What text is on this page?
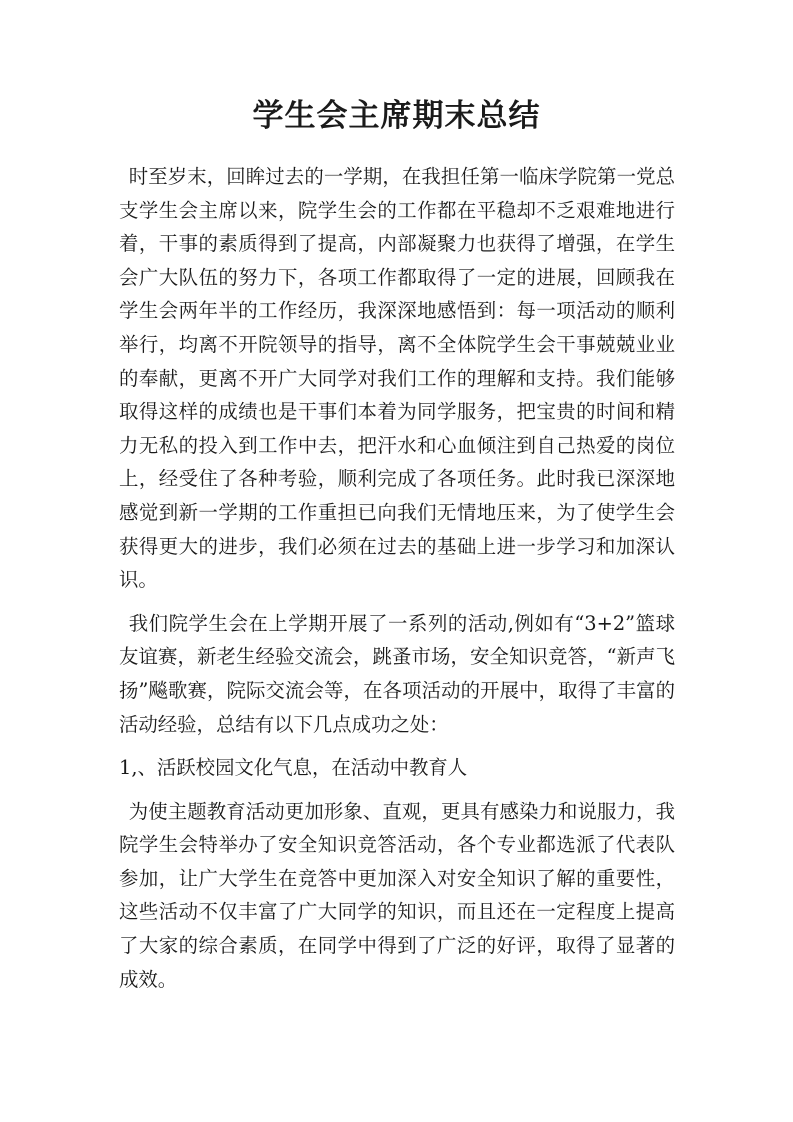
学生会主席期末总结

时至岁末，回眸过去的一学期，在我担任第一临床学院第一党总支学生会主席以来，院学生会的工作都在平稳却不乏艰难地进行着，干事的素质得到了提高，内部凝聚力也获得了增强，在学生会广大队伍的努力下，各项工作都取得了一定的进展，回顾我在学生会两年半的工作经历，我深深地感悟到：每一项活动的顺利举行，均离不开院领导的指导，离不全体院学生会干事兢兢业业的奉献，更离不开广大同学对我们工作的理解和支持。我们能够取得这样的成绩也是干事们本着为同学服务，把宝贵的时间和精力无私的投入到工作中去，把汗水和心血倾注到自己热爱的岗位上，经受住了各种考验，顺利完成了各项任务。此时我已深深地感觉到新一学期的工作重担已向我们无情地压来，为了使学生会获得更大的进步，我们必须在过去的基础上进一步学习和加深认识。

我们院学生会在上学期开展了一系列的活动,例如有“3+2”篮球友谊赛，新老生经验交流会，跳蚤市场，安全知识竞答，“新声飞扬”飚歌赛，院际交流会等，在各项活动的开展中，取得了丰富的活动经验，总结有以下几点成功之处：

1,、活跃校园文化气息，在活动中教育人

为使主题教育活动更加形象、直观，更具有感染力和说服力，我院学生会特举办了安全知识竞答活动，各个专业都选派了代表队参加，让广大学生在竞答中更加深入对安全知识了解的重要性，这些活动不仅丰富了广大同学的知识，而且还在一定程度上提高了大家的综合素质，在同学中得到了广泛的好评，取得了显著的成效。
